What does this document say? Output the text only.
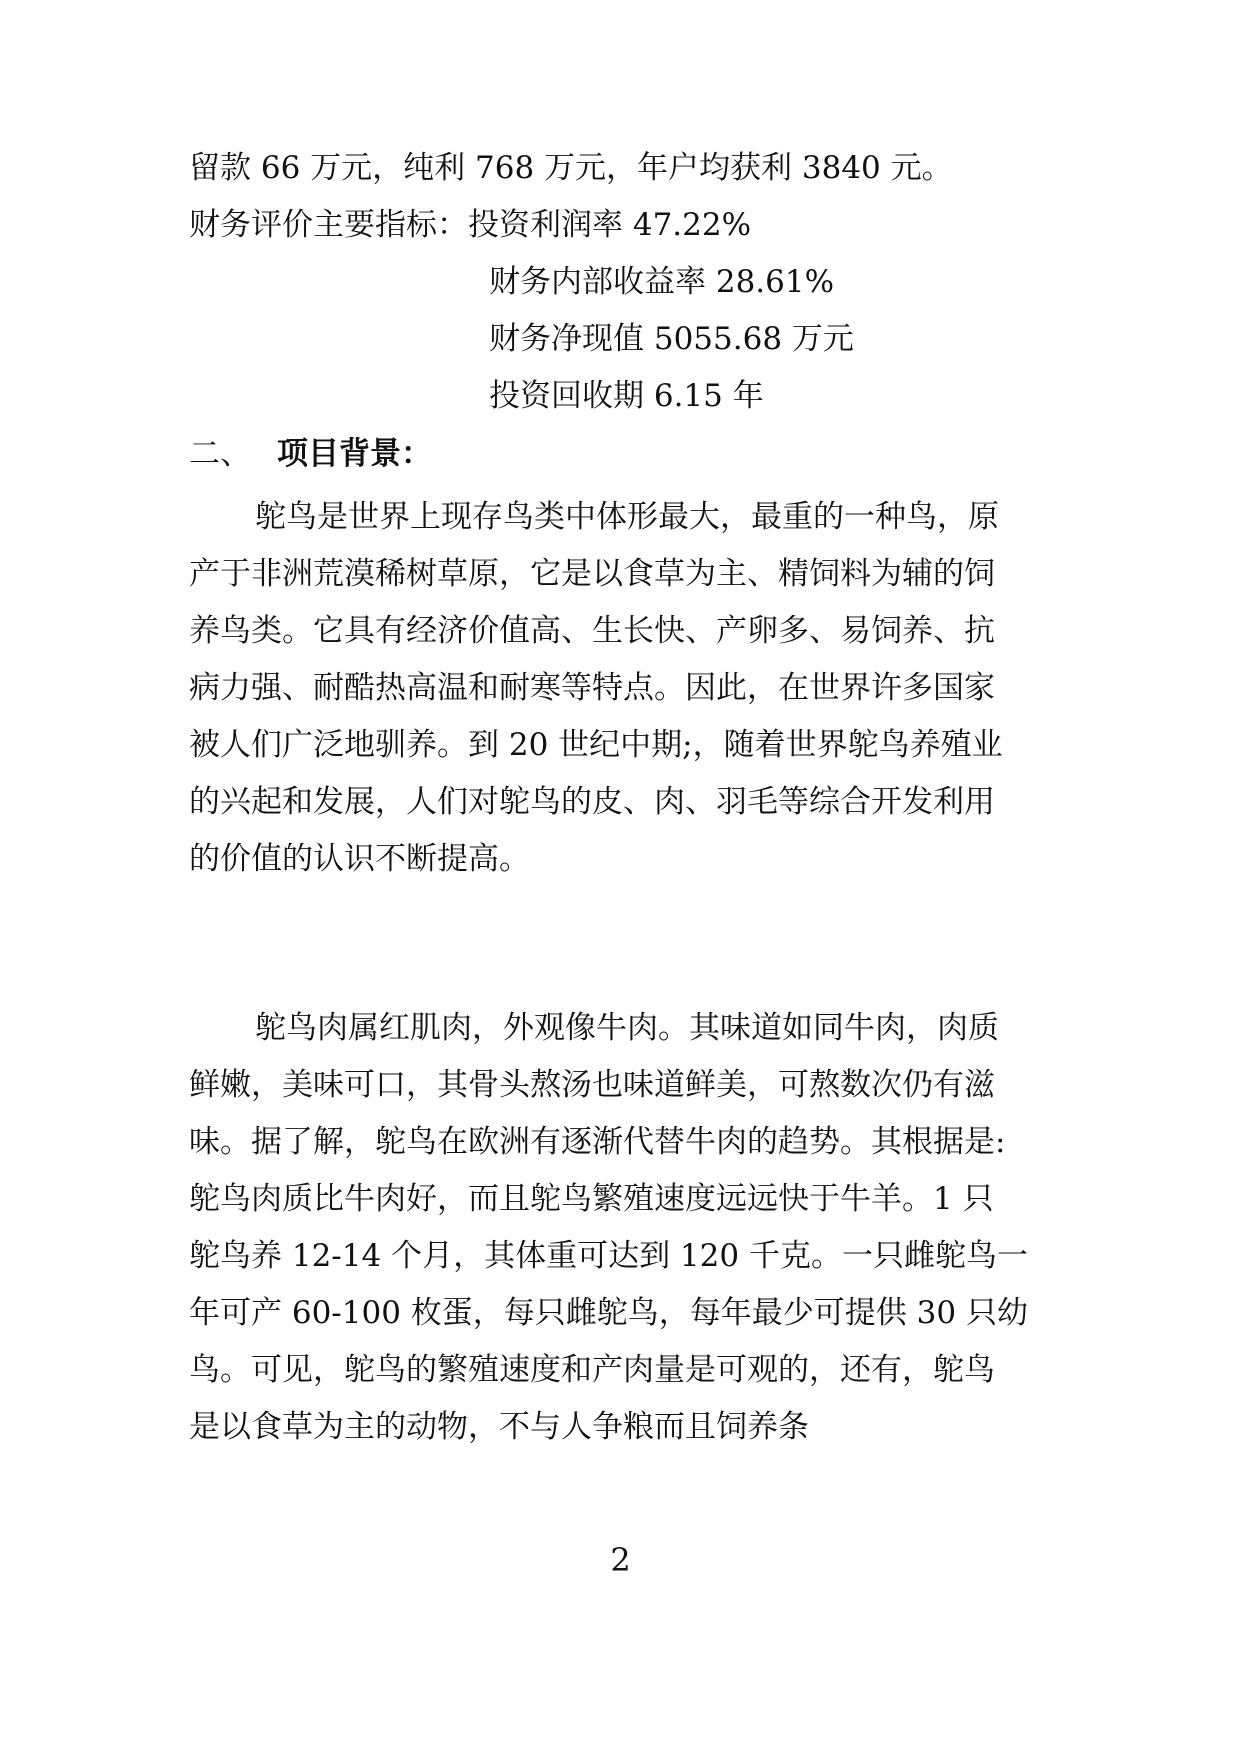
留款 66 万元，纯利 768 万元，年户均获利 3840 元。
财务评价主要指标：投资利润率 47.22%
财务内部收益率 28.61%
财务净现值 5055.68 万元
投资回收期 6.15 年
二、 项目背景：
鸵鸟是世界上现存鸟类中体形最大，最重的一种鸟，原
产于非洲荒漠稀树草原，它是以食草为主、精饲料为辅的饲
养鸟类。它具有经济价值高、生长快、产卵多、易饲养、抗
病力强、耐酷热高温和耐寒等特点。因此，在世界许多国家
被人们广泛地驯养。到 20 世纪中期;，随着世界鸵鸟养殖业
的兴起和发展，人们对鸵鸟的皮、肉、羽毛等综合开发利用
的价值的认识不断提高。
鸵鸟肉属红肌肉，外观像牛肉。其味道如同牛肉，肉质
鲜嫩，美味可口，其骨头熬汤也味道鲜美，可熬数次仍有滋
味。据了解，鸵鸟在欧洲有逐渐代替牛肉的趋势。其根据是:
鸵鸟肉质比牛肉好，而且鸵鸟繁殖速度远远快于牛羊。1 只
鸵鸟养 12-14 个月，其体重可达到 120 千克。一只雌鸵鸟一
年可产 60-100 枚蛋，每只雌鸵鸟，每年最少可提供 30 只幼
鸟。可见，鸵鸟的繁殖速度和产肉量是可观的，还有，鸵鸟
是以食草为主的动物，不与人争粮而且饲养条
2
